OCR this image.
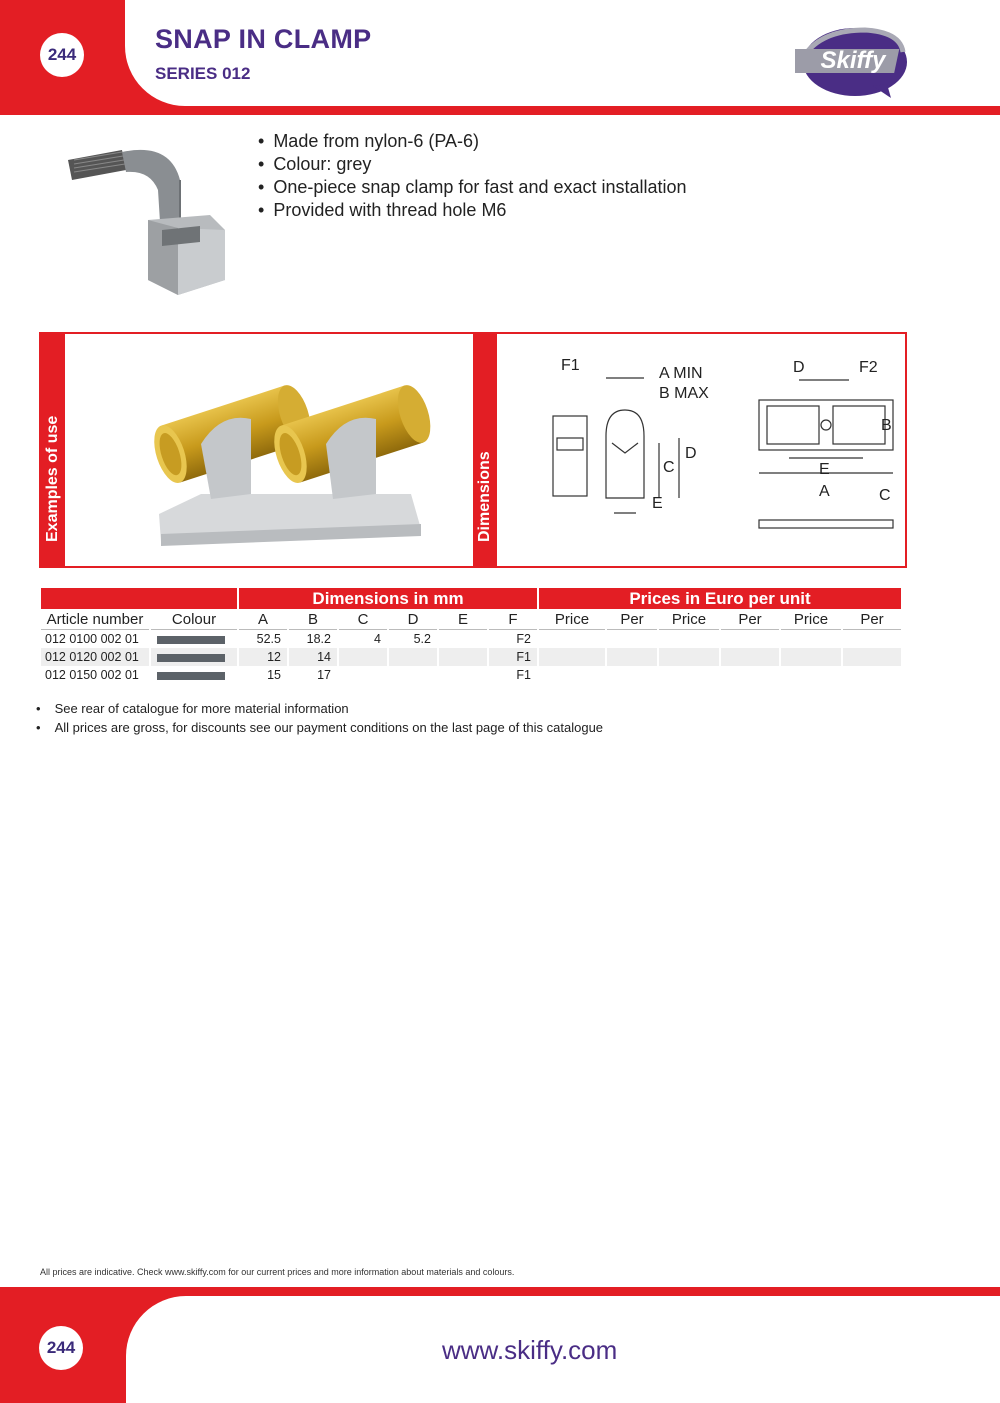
244
SNAP IN CLAMP
SERIES 012	Skiffy
• Made from nylon-6 (PA-6)
• Colour: grey
• One-piece snap clamp for fast and exact installation
• Provided with thread hole M6
Examples of use	Dimensions
F1	A MIN
B MAX
D
C
E
D	F2
B
E
A	C
		Dimensions in mm						Prices in Euro per unit					
Article number	Colour	A	B	C	D	E	F	Price	Per	Price	Per	Price	Per
012 0100 002 01		52.5	18.2	4	5.2		F2						
012 0120 002 01		12	14				F1						
012 0150 002 01		15	17				F1						
• See rear of catalogue for more material information
• All prices are gross, for discounts see our payment conditions on the last page of this catalogue
All prices are indicative. Check www.skiffy.com for our current prices and more information about materials and colours.
244	www.skiffy.com
